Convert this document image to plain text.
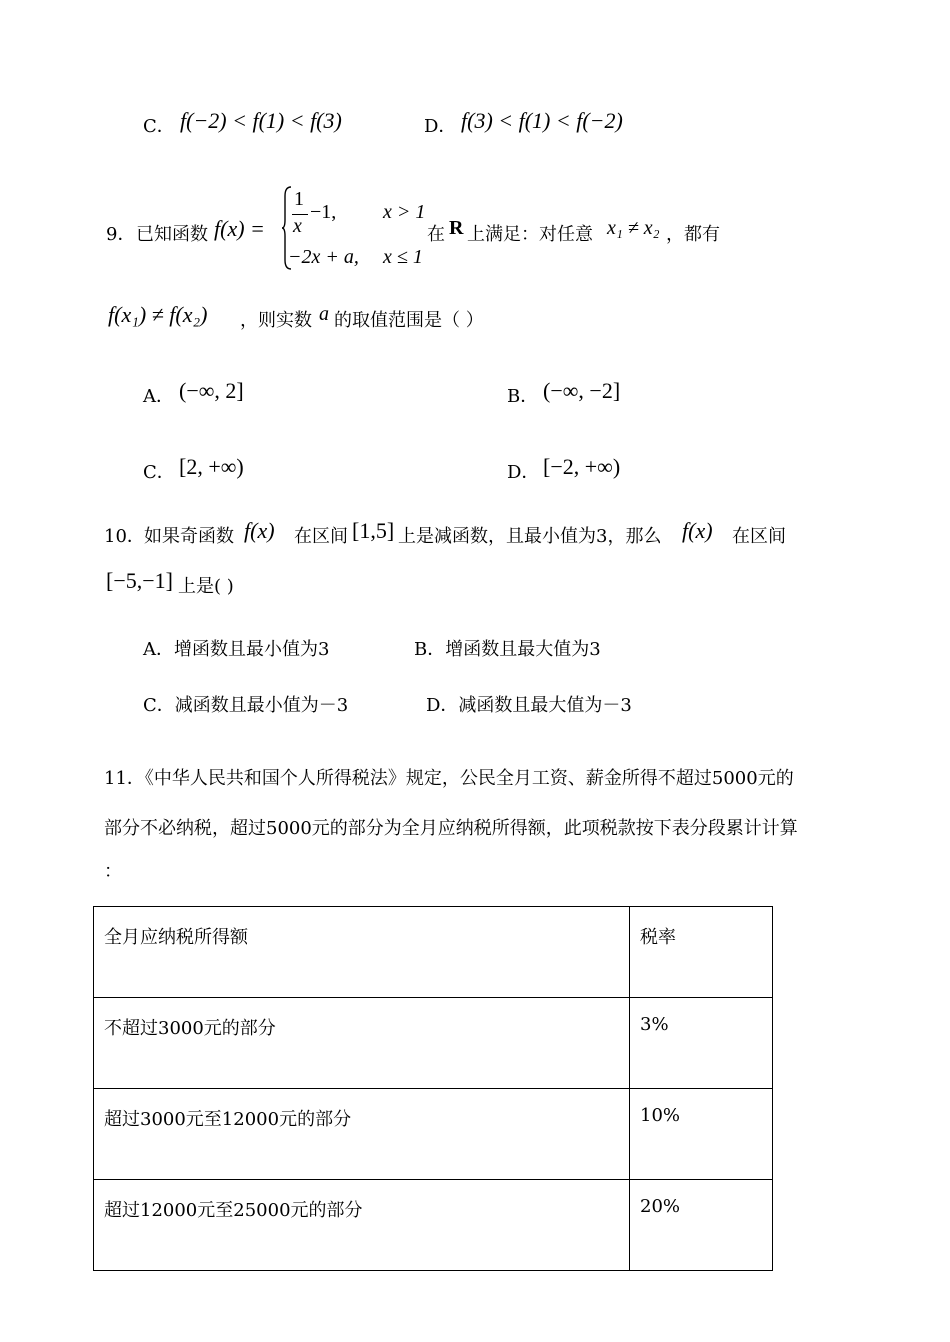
C． f(−2) < f(1) < f(3)	D． f(3) < f(1) < f(−2)
9． 已知函数 f(x) =
1
x
−1, x > 1
−2x + a, x ≤ 1
在 R 上满足：对任意 x₁ ≠ x₂ ，都有
f(x₁) ≠ f(x₂) ，则实数 a 的取值范围是（ ）
A． (−∞, 2]	B． (−∞, −2]
C． [2, +∞)	D． [−2, +∞)
10． 如果奇函数 f(x) 在区间 [1,5] 上是减函数，且最小值为3，那么 f(x) 在区间
[−5,−1] 上是( )
A．增函数且最小值为3	B．增函数且最大值为3
C．减函数且最小值为－3	D．减函数且最大值为－3
11．《中华人民共和国个人所得税法》规定，公民全月工资、薪金所得不超过5000元的
部分不必纳税，超过5000元的部分为全月应纳税所得额，此项税款按下表分段累计计算
：
全月应纳税所得额	税率
不超过3000元的部分	3%
超过3000元至12000元的部分	10%
超过12000元至25000元的部分	20%
